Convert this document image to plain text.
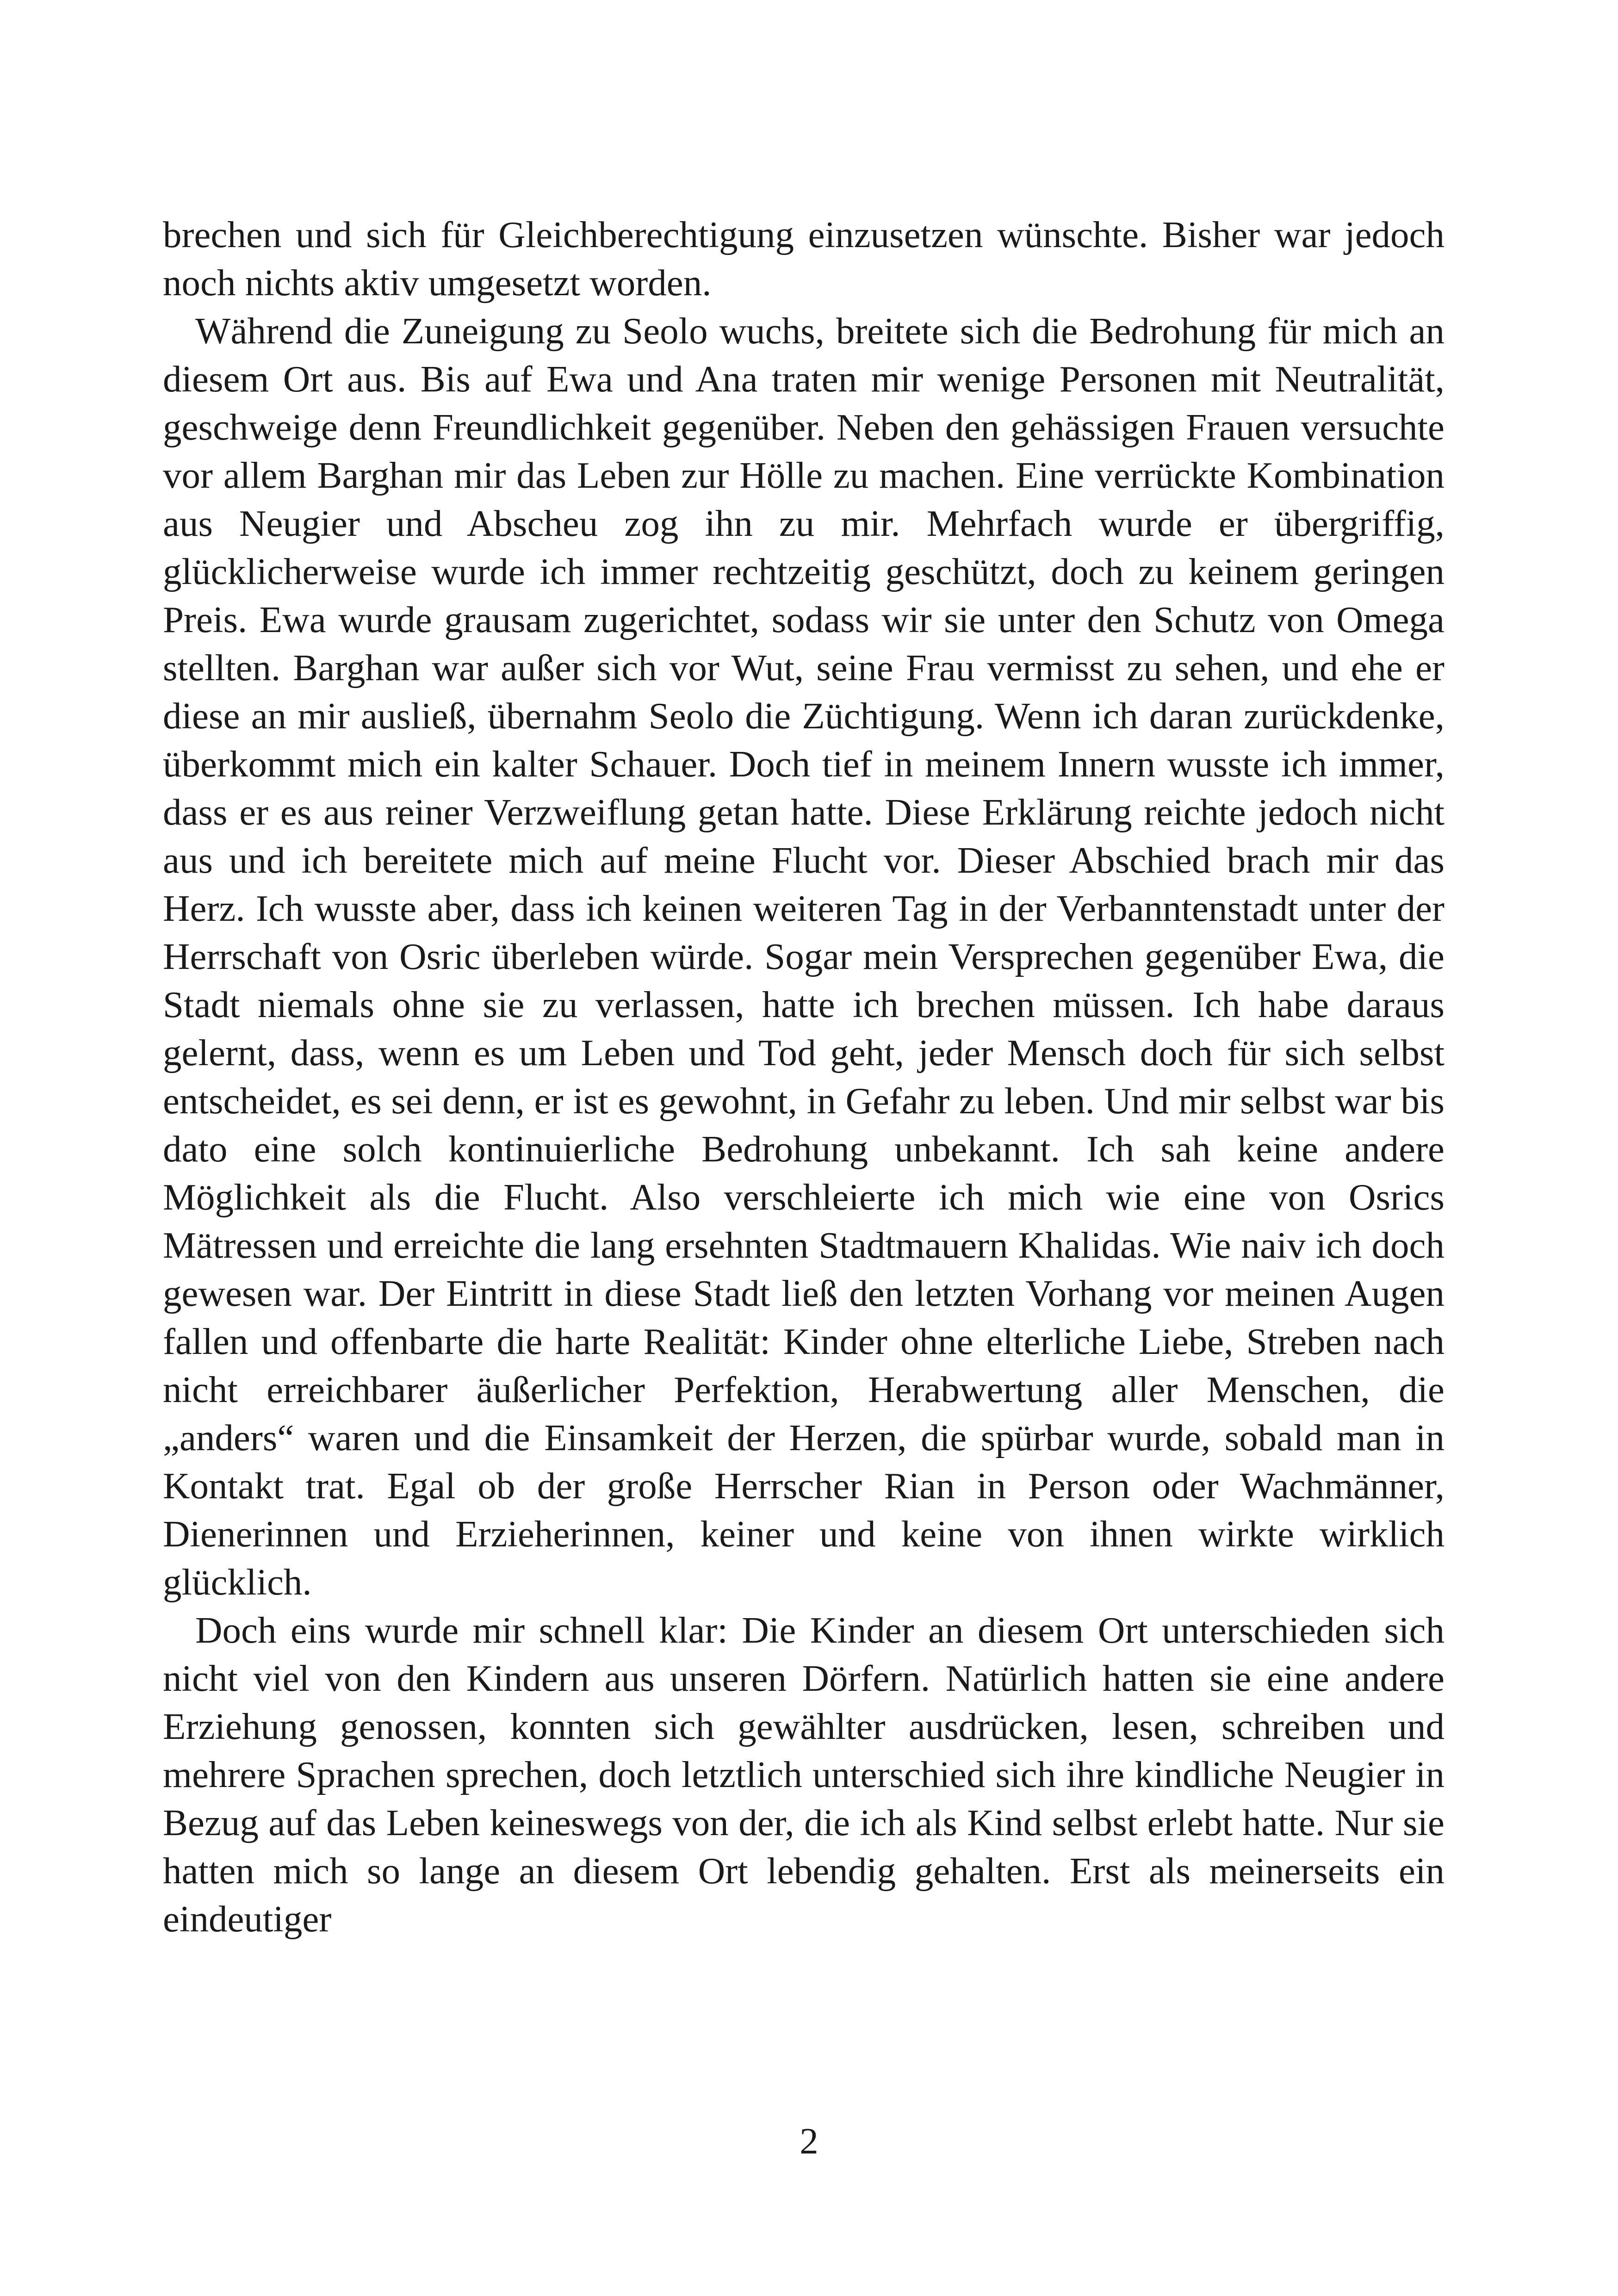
brechen und sich für Gleichberechtigung einzusetzen wünschte. Bisher war jedoch noch nichts aktiv umgesetzt worden.

Während die Zuneigung zu Seolo wuchs, breitete sich die Bedrohung für mich an diesem Ort aus. Bis auf Ewa und Ana traten mir wenige Personen mit Neutralität, geschweige denn Freundlichkeit gegenüber. Neben den gehässigen Frauen versuchte vor allem Barghan mir das Leben zur Hölle zu machen. Eine verrückte Kombination aus Neugier und Abscheu zog ihn zu mir. Mehrfach wurde er übergriffig, glücklicherweise wurde ich immer rechtzeitig geschützt, doch zu keinem geringen Preis. Ewa wurde grausam zugerichtet, sodass wir sie unter den Schutz von Omega stellten. Barghan war außer sich vor Wut, seine Frau vermisst zu sehen, und ehe er diese an mir ausließ, übernahm Seolo die Züchtigung. Wenn ich daran zurückdenke, überkommt mich ein kalter Schauer. Doch tief in meinem Innern wusste ich immer, dass er es aus reiner Verzweiflung getan hatte. Diese Erklärung reichte jedoch nicht aus und ich bereitete mich auf meine Flucht vor. Dieser Abschied brach mir das Herz. Ich wusste aber, dass ich keinen weiteren Tag in der Verbanntenstadt unter der Herrschaft von Osric überleben würde. Sogar mein Versprechen gegenüber Ewa, die Stadt niemals ohne sie zu verlassen, hatte ich brechen müssen. Ich habe daraus gelernt, dass, wenn es um Leben und Tod geht, jeder Mensch doch für sich selbst entscheidet, es sei denn, er ist es gewohnt, in Gefahr zu leben. Und mir selbst war bis dato eine solch kontinuierliche Bedrohung unbekannt. Ich sah keine andere Möglichkeit als die Flucht. Also verschleierte ich mich wie eine von Osrics Mätressen und erreichte die lang ersehnten Stadtmauern Khalidas. Wie naiv ich doch gewesen war. Der Eintritt in diese Stadt ließ den letzten Vorhang vor meinen Augen fallen und offenbarte die harte Realität: Kinder ohne elterliche Liebe, Streben nach nicht erreichbarer äußerlicher Perfektion, Herabwertung aller Menschen, die „anders“ waren und die Einsamkeit der Herzen, die spürbar wurde, sobald man in Kontakt trat. Egal ob der große Herrscher Rian in Person oder Wachmänner, Dienerinnen und Erzieherinnen, keiner und keine von ihnen wirkte wirklich glücklich.

Doch eins wurde mir schnell klar: Die Kinder an diesem Ort unterschieden sich nicht viel von den Kindern aus unseren Dörfern. Natürlich hatten sie eine andere Erziehung genossen, konnten sich gewählter ausdrücken, lesen, schreiben und mehrere Sprachen sprechen, doch letztlich unterschied sich ihre kindliche Neugier in Bezug auf das Leben keineswegs von der, die ich als Kind selbst erlebt hatte. Nur sie hatten mich so lange an diesem Ort lebendig gehalten. Erst als meinerseits ein eindeutiger

2
